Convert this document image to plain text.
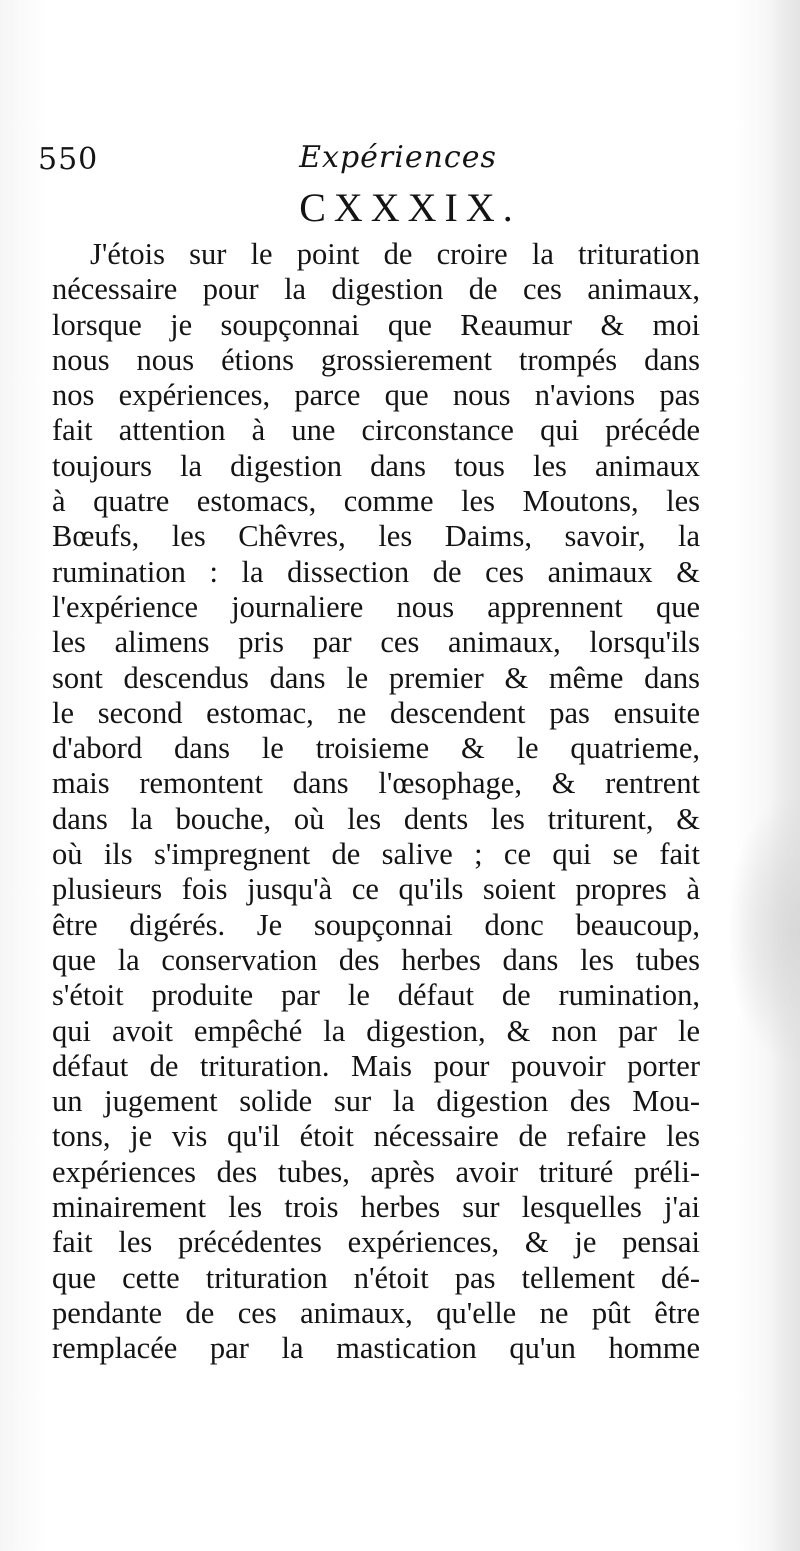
550	Expériences
CXXXIX.
J'étois sur le point de croire la trituration
nécessaire pour la digestion de ces animaux,
lorsque je soupçonnai que Reaumur & moi
nous nous étions grossierement trompés dans
nos expériences, parce que nous n'avions pas
fait attention à une circonstance qui précéde
toujours la digestion dans tous les animaux
à quatre estomacs, comme les Moutons, les
Bœufs, les Chêvres, les Daims, savoir, la
rumination : la dissection de ces animaux &
l'expérience journaliere nous apprennent que
les alimens pris par ces animaux, lorsqu'ils
sont descendus dans le premier & même dans
le second estomac, ne descendent pas ensuite
d'abord dans le troisieme & le quatrieme,
mais remontent dans l'œsophage, & rentrent
dans la bouche, où les dents les triturent, &
où ils s'impregnent de salive ; ce qui se fait
plusieurs fois jusqu'à ce qu'ils soient propres à
être digérés. Je soupçonnai donc beaucoup,
que la conservation des herbes dans les tubes
s'étoit produite par le défaut de rumination,
qui avoit empêché la digestion, & non par le
défaut de trituration. Mais pour pouvoir porter
un jugement solide sur la digestion des Mou-
tons, je vis qu'il étoit nécessaire de refaire les
expériences des tubes, après avoir trituré préli-
minairement les trois herbes sur lesquelles j'ai
fait les précédentes expériences, & je pensai
que cette trituration n'étoit pas tellement dé-
pendante de ces animaux, qu'elle ne pût être
remplacée par la mastication qu'un homme
